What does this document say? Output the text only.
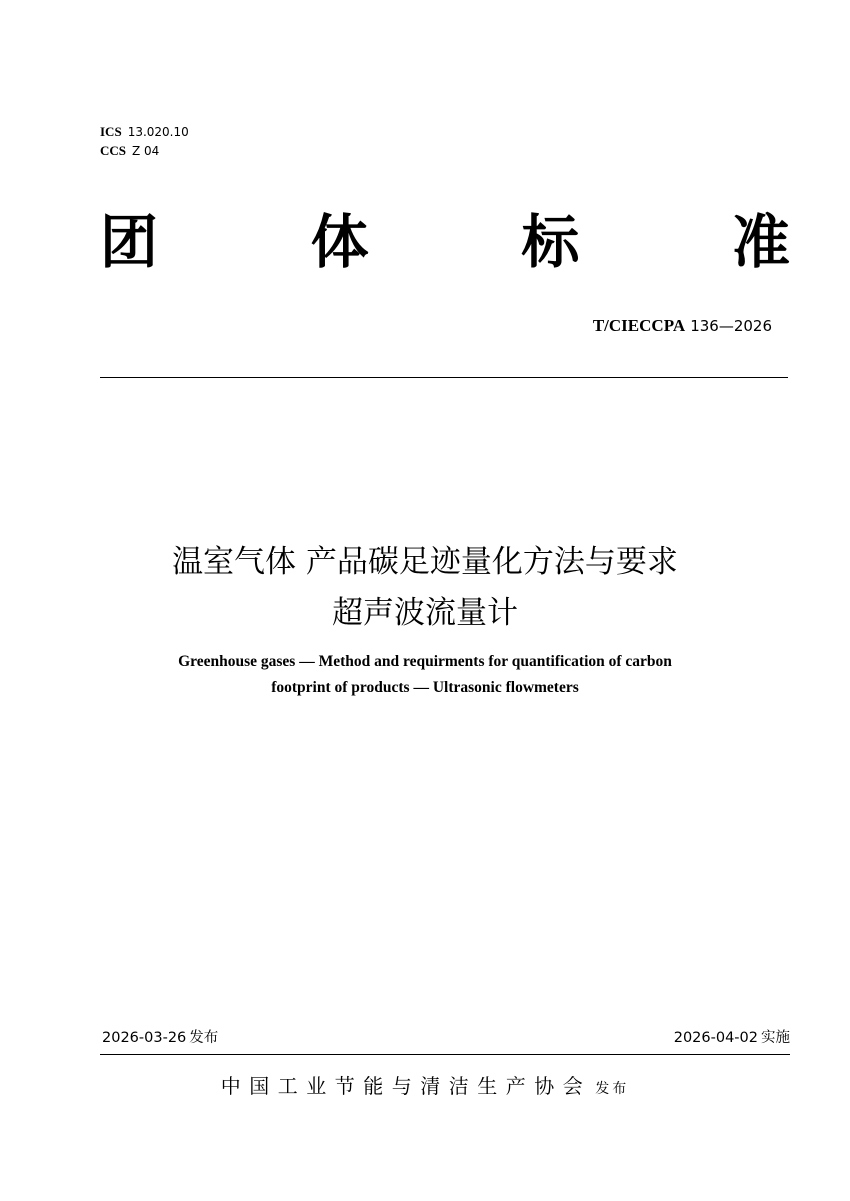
ICS 13.020.10
CCS Z 04
团	体	标	准
T/CIECCPA 136—2026
温室气体 产品碳足迹量化方法与要求
超声波流量计
Greenhouse gases — Method and requirments for quantification of carbon
footprint of products — Ultrasonic flowmeters
2026-03-26 发布	2026-04-02 实施
中国工业节能与清洁生产协会 发布
